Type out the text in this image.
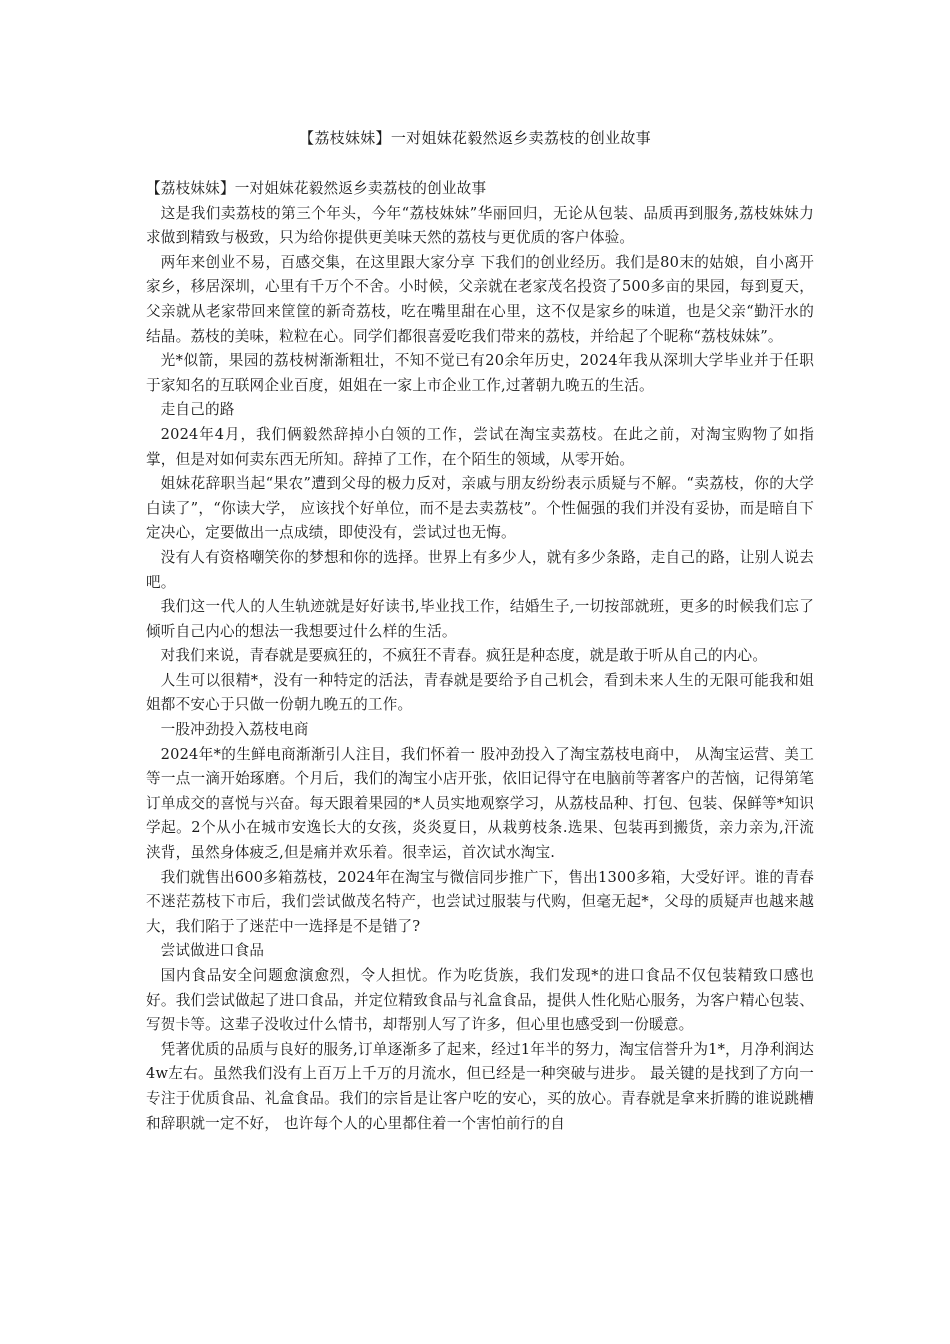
【荔枝妹妹】一对姐妹花毅然返乡卖荔枝的创业故事

【荔枝妹妹】一对姐妹花毅然返乡卖荔枝的创业故事

这是我们卖荔枝的第三个年头，今年“荔枝妹妹”华丽回归，无论从包装、品质再到服务,荔枝妹妹力求做到精致与极致，只为给你提供更美味天然的荔枝与更优质的客户体验。

两年来创业不易，百感交集，在这里跟大家分享 下我们的创业经历。我们是80末的姑娘，自小离开家乡，移居深圳，心里有千万个不舍。小时候，父亲就在老家茂名投资了500多亩的果园，每到夏天，父亲就从老家带回来筐筐的新奇荔枝，吃在嘴里甜在心里，这不仅是家乡的味道，也是父亲“勤汗水的结晶。荔枝的美味，粒粒在心。同学们都很喜爱吃我们带来的荔枝，并给起了个昵称“荔枝妹妹”。

光*似箭，果园的荔枝树渐渐粗壮，不知不觉已有20余年历史，2024年我从深圳大学毕业并于任职于家知名的互联网企业百度，姐姐在一家上市企业工作,过著朝九晚五的生活。

走自己的路

2024年4月，我们俩毅然辞掉小白领的工作，尝试在淘宝卖荔枝。在此之前，对淘宝购物了如指掌，但是对如何卖东西无所知。辞掉了工作，在个陌生的领域，从零开始。

姐妹花辞职当起“果农”遭到父母的极力反对，亲戚与朋友纷纷表示质疑与不解。“卖荔枝，你的大学白读了”，“你读大学， 应该找个好单位，而不是去卖荔枝”。个性倔强的我们并没有妥协，而是暗自下定决心，定要做出一点成绩，即使没有，尝试过也无悔。

没有人有资格嘲笑你的梦想和你的选择。世界上有多少人，就有多少条路，走自己的路，让别人说去吧。

我们这一代人的人生轨迹就是好好读书,毕业找工作，结婚生子,一切按部就班，更多的时候我们忘了倾听自己内心的想法一我想要过什么样的生活。

对我们来说，青春就是要疯狂的，不疯狂不青春。疯狂是种态度，就是敢于听从自己的内心。

人生可以很精*，没有一种特定的活法，青春就是要给予自己机会，看到未来人生的无限可能我和姐姐都不安心于只做一份朝九晚五的工作。

一股冲劲投入荔枝电商

2024年*的生鲜电商渐渐引人注目，我们怀着一 股冲劲投入了淘宝荔枝电商中， 从淘宝运营、美工等一点一滴开始琢磨。个月后，我们的淘宝小店开张，依旧记得守在电脑前等著客户的苦恼，记得第笔订单成交的喜悦与兴奋。每天跟着果园的*人员实地观察学习，从荔枝品种、打包、包装、保鲜等*知识学起。2个从小在城市安逸长大的女孩，炎炎夏日，从栽剪枝条.选果、包装再到搬货，亲力亲为,汗流浃背，虽然身体疲乏,但是痛并欢乐着。很幸运，首次试水淘宝.

我们就售出600多箱荔枝，2024年在淘宝与微信同步推广下，售出1300多箱，大受好评。谁的青春不迷茫荔枝下市后，我们尝试做茂名特产，也尝试过服装与代购，但毫无起*，父母的质疑声也越来越大，我们陷于了迷茫中一选择是不是错了?

尝试做进口食品

国内食品安全问题愈演愈烈，令人担忧。作为吃货族，我们发现*的进口食品不仅包装精致口感也好。我们尝试做起了进口食品，并定位精致食品与礼盒食品，提供人性化贴心服务，为客户精心包装、写贺卡等。这辈子没收过什么情书，却帮别人写了许多，但心里也感受到一份暖意。

凭著优质的品质与良好的服务,订单逐渐多了起来，经过1年半的努力，淘宝信誉升为1*，月净利润达4w左右。虽然我们没有上百万上千万的月流水，但已经是一种突破与进步。 最关键的是找到了方向一专注于优质食品、礼盒食品。我们的宗旨是让客户吃的安心，买的放心。青春就是拿来折腾的谁说跳槽和辞职就一定不好， 也许每个人的心里都住着一个害怕前行的自
